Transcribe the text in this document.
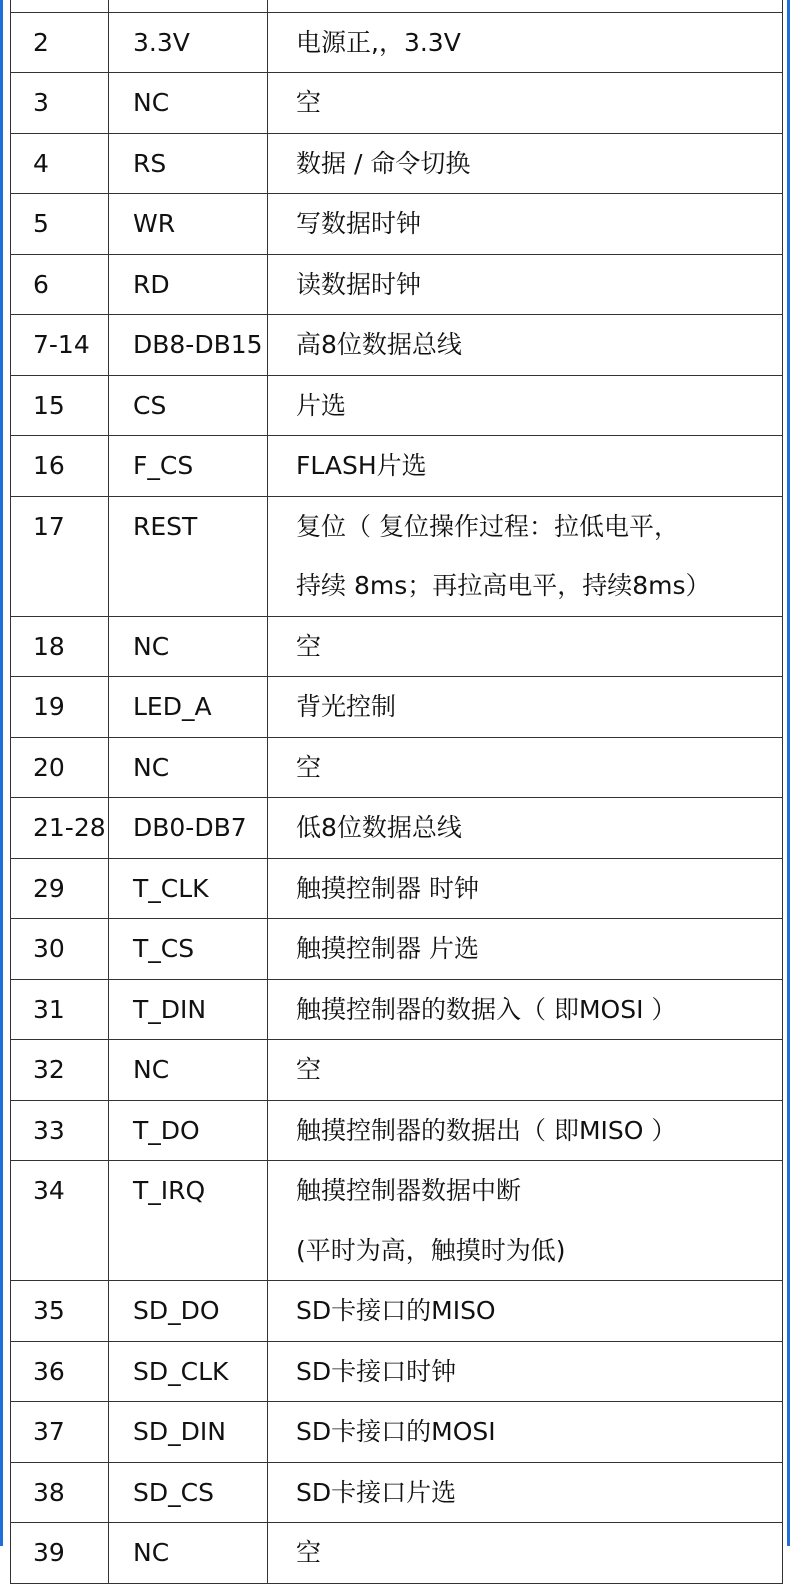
2	3.3V	电源正,，3.3V
3	NC	空
4	RS	数据 / 命令切换
5	WR	写数据时钟
6	RD	读数据时钟
7-14 DB8-DB15 高8位数据总线
15	CS	片选
16	F_CS	FLASH片选
17	REST	复位（ 复位操作过程：拉低电平，
持续 8ms；再拉高电平，持续8ms）
18	NC	空
19	LED_A	背光控制
20	NC	空
21-28 DB0-DB7 低8位数据总线
29	T_CLK	触摸控制器 时钟
30	T_CS	触摸控制器 片选
31	T_DIN	触摸控制器的数据入（ 即MOSI ）
32	NC	空
33	T_DO	触摸控制器的数据出（ 即MISO ）
34	T_IRQ	触摸控制器数据中断
(平时为高，触摸时为低)
35	SD_DO	SD卡接口的MISO
36	SD_CLK	SD卡接口时钟
37	SD_DIN	SD卡接口的MOSI
38	SD_CS	SD卡接口片选
39	NC	空
